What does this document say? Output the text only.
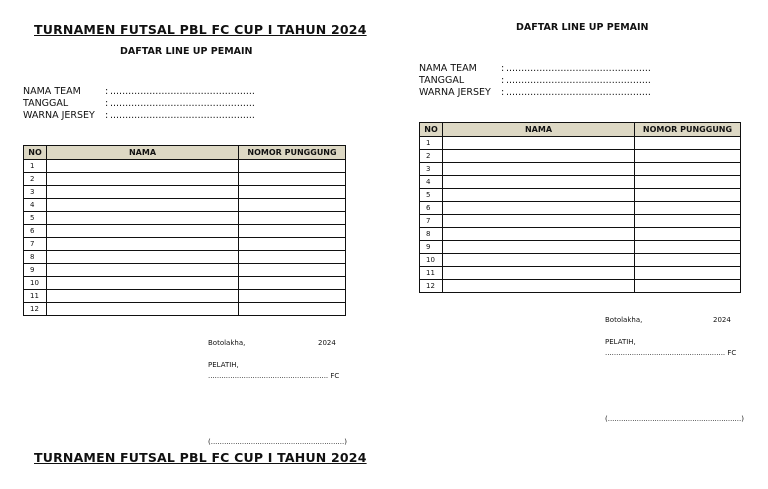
TURNAMEN FUTSAL PBL FC CUP I TAHUN 2024
DAFTAR LINE UP PEMAIN
NAMA TEAM	: ................................................
TANGGAL	: ................................................
WARNA JERSEY	: ................................................
NO	NAMA	NOMOR PUNGGUNG
1		
2		
3		
4		
5		
6		
7		
8		
9		
10		
11		
12		
Botolakha,	2024
PELATIH,
...................................................... FC
(............................................................)
TURNAMEN FUTSAL PBL FC CUP I TAHUN 2024
DAFTAR LINE UP PEMAIN
NAMA TEAM	: ................................................
TANGGAL	: ................................................
WARNA JERSEY	: ................................................
NO	NAMA	NOMOR PUNGGUNG
1		
2		
3		
4		
5		
6		
7		
8		
9		
10		
11		
12		
Botolakha,	2024
PELATIH,
...................................................... FC
(............................................................)
